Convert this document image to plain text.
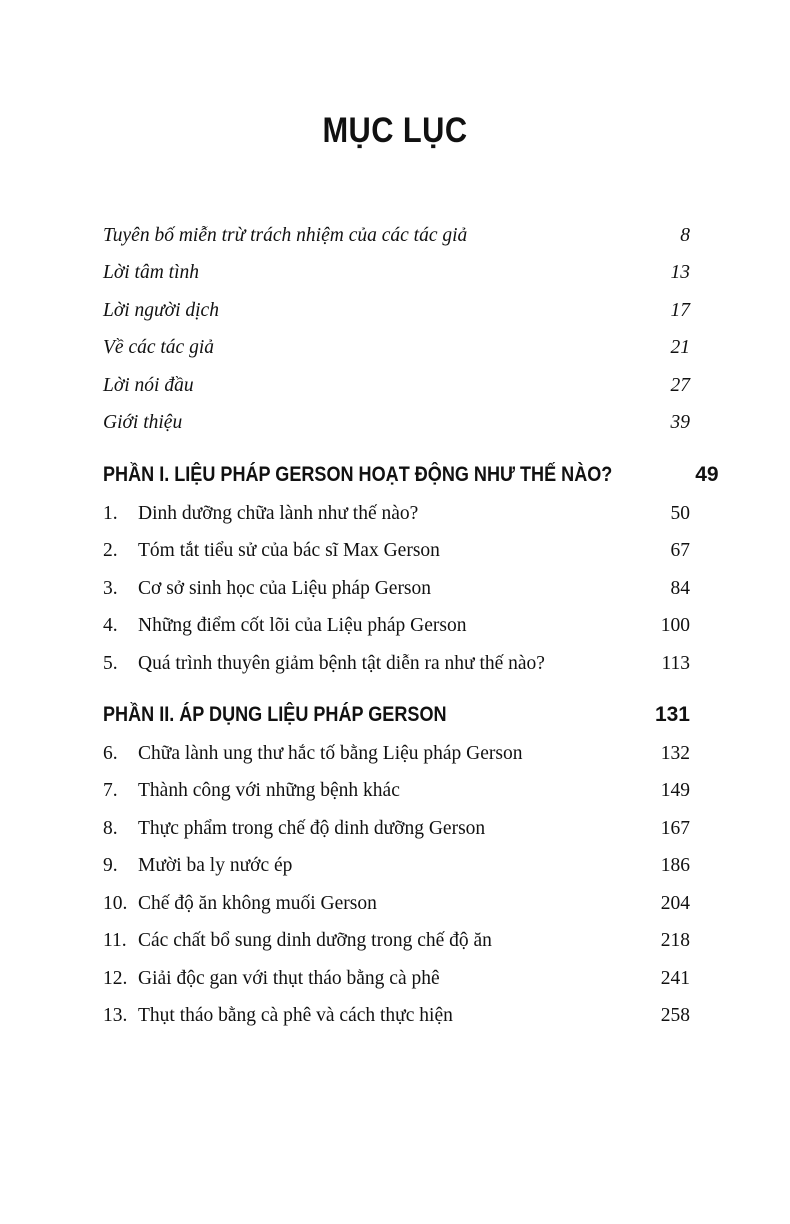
MỤC LỤC
Tuyên bố miễn trừ trách nhiệm của các tác giả	8
Lời tâm tình	13
Lời người dịch	17
Về các tác giả	21
Lời nói đầu	27
Giới thiệu	39
PHẦN I. LIỆU PHÁP GERSON HOẠT ĐỘNG NHƯ THẾ NÀO?	49
1.	Dinh dưỡng chữa lành như thế nào?	50
2.	Tóm tắt tiểu sử của bác sĩ Max Gerson	67
3.	Cơ sở sinh học của Liệu pháp Gerson	84
4.	Những điểm cốt lõi của Liệu pháp Gerson	100
5.	Quá trình thuyên giảm bệnh tật diễn ra như thế nào?	113
PHẦN II. ÁP DỤNG LIỆU PHÁP GERSON	131
6.	Chữa lành ung thư hắc tố bằng Liệu pháp Gerson	132
7.	Thành công với những bệnh khác	149
8.	Thực phẩm trong chế độ dinh dưỡng Gerson	167
9.	Mười ba ly nước ép	186
10. Chế độ ăn không muối Gerson	204
11. Các chất bổ sung dinh dưỡng trong chế độ ăn	218
12. Giải độc gan với thụt tháo bằng cà phê	241
13. Thụt tháo bằng cà phê và cách thực hiện	258
